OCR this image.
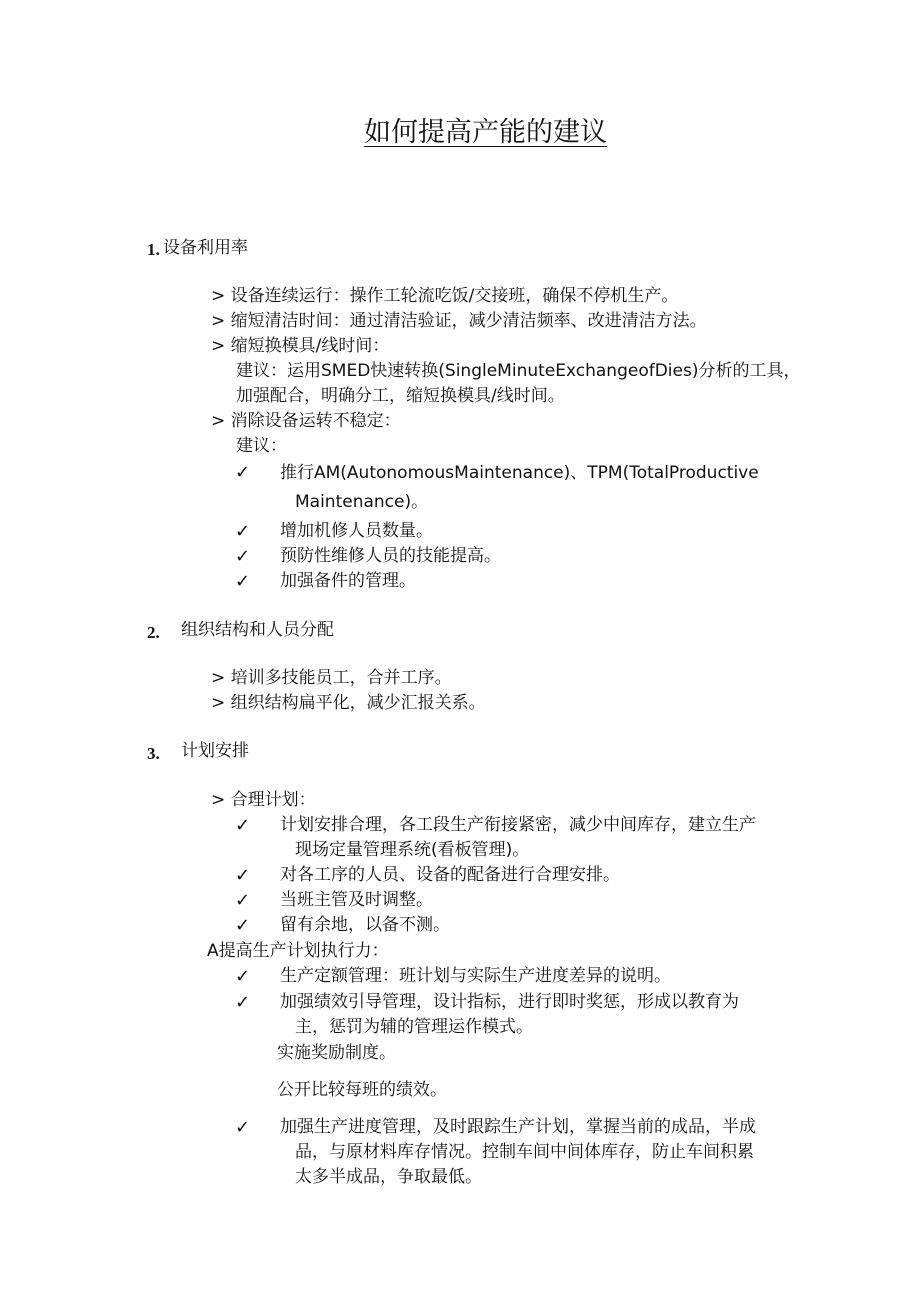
如何提高产能的建议
1. 设备利用率
> 设备连续运行：操作工轮流吃饭/交接班，确保不停机生产。
> 缩短清洁时间：通过清洁验证，减少清洁频率、改进清洁方法。
> 缩短换模具/线时间：
建议：运用SMED快速转换(SingleMinuteExchangeofDies)分析的工具，
加强配合，明确分工，缩短换模具/线时间。
> 消除设备运转不稳定：
建议：
✓ 推行AM(AutonomousMaintenance)、TPM(TotalProductive
Maintenance)。
✓ 增加机修人员数量。
✓ 预防性维修人员的技能提高。
✓ 加强备件的管理。
2. 组织结构和人员分配
> 培训多技能员工，合并工序。
> 组织结构扁平化，减少汇报关系。
3. 计划安排
> 合理计划：
✓ 计划安排合理，各工段生产衔接紧密，减少中间库存，建立生产
现场定量管理系统(看板管理)。
✓ 对各工序的人员、设备的配备进行合理安排。
✓ 当班主管及时调整。
✓ 留有余地，以备不测。
A提高生产计划执行力：
✓ 生产定额管理：班计划与实际生产进度差异的说明。
✓ 加强绩效引导管理，设计指标，进行即时奖惩，形成以教育为
主，惩罚为辅的管理运作模式。
实施奖励制度。
公开比较每班的绩效。
✓ 加强生产进度管理，及时跟踪生产计划，掌握当前的成品，半成
品，与原材料库存情况。控制车间中间体库存，防止车间积累
太多半成品，争取最低。
